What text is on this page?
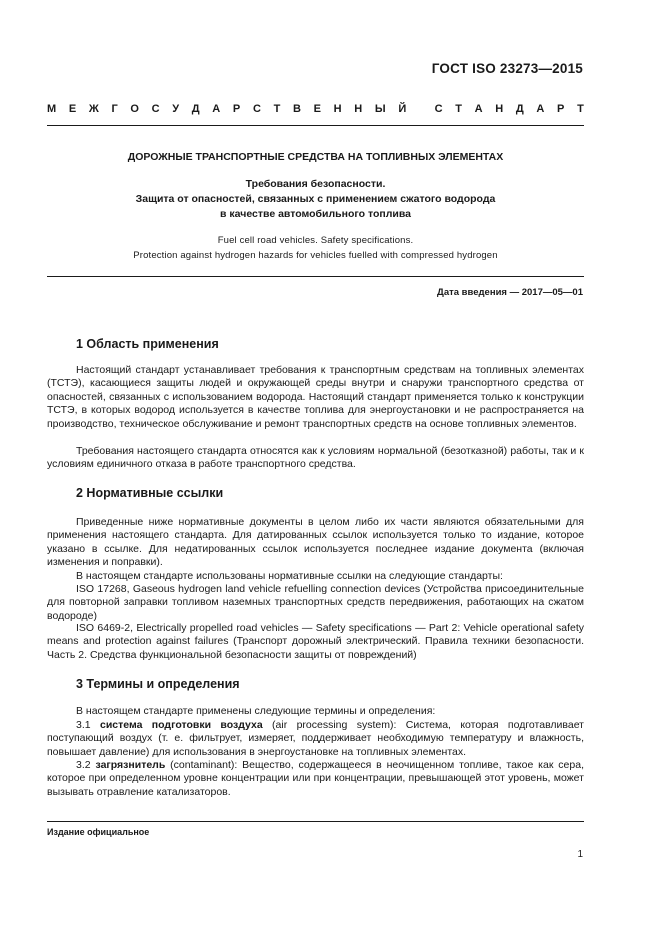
ГОСТ ISO 23273—2015
М Е Ж Г О С У Д А Р С Т В Е Н Н Ы Й
	С Т А Н Д А Р Т
ДОРОЖНЫЕ ТРАНСПОРТНЫЕ СРЕДСТВА НА ТОПЛИВНЫХ ЭЛЕМЕНТАХ
Требования безопасности.
Защита от опасностей, связанных с применением сжатого водорода
в качестве автомобильного топлива
Fuel cell road vehicles. Safety specifications.
Protection against hydrogen hazards for vehicles fuelled with compressed hydrogen
Дата введения — 2017—05—01
1 Область применения
Настоящий стандарт устанавливает требования к транспортным средствам на топливных элементах (ТСТЭ), касающиеся защиты людей и окружающей среды внутри и снаружи транспортного средства от опасностей, связанных с использованием водорода. Настоящий стандарт применяется только к конструкции ТСТЭ, в которых водород используется в качестве топлива для энергоустановки и не распространяется на производство, техническое обслуживание и ремонт транспортных средств на основе топливных элементов.
Требования настоящего стандарта относятся как к условиям нормальной (безотказной) работы, так и к условиям единичного отказа в работе транспортного средства.
2 Нормативные ссылки
Приведенные ниже нормативные документы в целом либо их части являются обязательными для применения настоящего стандарта. Для датированных ссылок используется только то издание, которое указано в ссылке. Для недатированных ссылок используется последнее издание документа (включая изменения и поправки).
В настоящем стандарте использованы нормативные ссылки на следующие стандарты:
ISO 17268, Gaseous hydrogen land vehicle refuelling connection devices (Устройства присоединительные для повторной заправки топливом наземных транспортных средств передвижения, работающих на сжатом водороде)
ISO 6469-2, Electrically propelled road vehicles — Safety specifications — Part 2: Vehicle operational safety means and protection against failures (Транспорт дорожный электрический. Правила техники безопасности. Часть 2. Средства функциональной безопасности защиты от повреждений)
3 Термины и определения
В настоящем стандарте применены следующие термины и определения:
3.1 система подготовки воздуха (air processing system): Система, которая подготавливает поступающий воздух (т. е. фильтрует, измеряет, поддерживает необходимую температуру и влажность, повышает давление) для использования в энергоустановке на топливных элементах.
3.2 загрязнитель (contaminant): Вещество, содержащееся в неочищенном топливе, такое как сера, которое при определенном уровне концентрации или при концентрации, превышающей этот уровень, может вызывать отравление катализаторов.
Издание официальное
1
